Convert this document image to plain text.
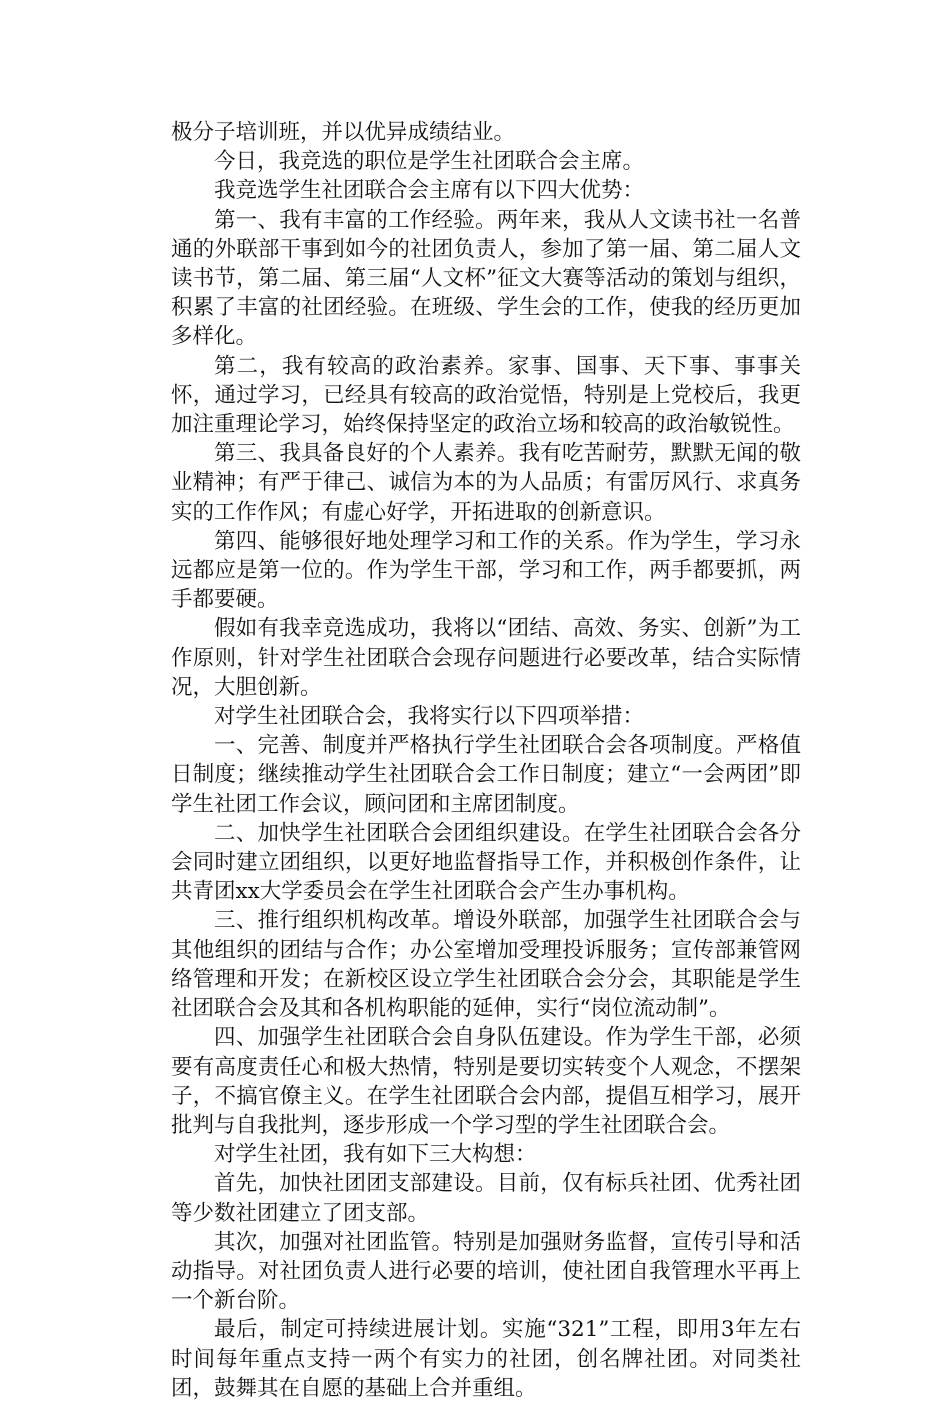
极分子培训班，并以优异成绩结业。

今日，我竞选的职位是学生社团联合会主席。

我竞选学生社团联合会主席有以下四大优势：

第一、我有丰富的工作经验。两年来，我从人文读书社一名普通的外联部干事到如今的社团负责人，参加了第一届、第二届人文读书节，第二届、第三届“人文杯”征文大赛等活动的策划与组织，积累了丰富的社团经验。在班级、学生会的工作，使我的经历更加多样化。

第二，我有较高的政治素养。家事、国事、天下事、事事关怀，通过学习，已经具有较高的政治觉悟，特别是上党校后，我更加注重理论学习，始终保持坚定的政治立场和较高的政治敏锐性。

第三、我具备良好的个人素养。我有吃苦耐劳，默默无闻的敬业精神；有严于律己、诚信为本的为人品质；有雷厉风行、求真务实的工作作风；有虚心好学，开拓进取的创新意识。

第四、能够很好地处理学习和工作的关系。作为学生，学习永远都应是第一位的。作为学生干部，学习和工作，两手都要抓，两手都要硬。

假如有我幸竞选成功，我将以“团结、高效、务实、创新”为工作原则，针对学生社团联合会现存问题进行必要改革，结合实际情况，大胆创新。

对学生社团联合会，我将实行以下四项举措：

一、完善、制度并严格执行学生社团联合会各项制度。严格值日制度；继续推动学生社团联合会工作日制度；建立“一会两团”即学生社团工作会议，顾问团和主席团制度。

二、加快学生社团联合会团组织建设。在学生社团联合会各分会同时建立团组织，以更好地监督指导工作，并积极创作条件，让共青团xx大学委员会在学生社团联合会产生办事机构。

三、推行组织机构改革。增设外联部，加强学生社团联合会与其他组织的团结与合作；办公室增加受理投诉服务；宣传部兼管网络管理和开发；在新校区设立学生社团联合会分会，其职能是学生社团联合会及其和各机构职能的延伸，实行“岗位流动制”。

四、加强学生社团联合会自身队伍建设。作为学生干部，必须要有高度责任心和极大热情，特别是要切实转变个人观念，不摆架子，不搞官僚主义。在学生社团联合会内部，提倡互相学习，展开批判与自我批判，逐步形成一个学习型的学生社团联合会。

对学生社团，我有如下三大构想：

首先，加快社团团支部建设。目前，仅有标兵社团、优秀社团等少数社团建立了团支部。

其次，加强对社团监管。特别是加强财务监督，宣传引导和活动指导。对社团负责人进行必要的培训，使社团自我管理水平再上一个新台阶。

最后，制定可持续进展计划。实施“321”工程，即用3年左右时间每年重点支持一两个有实力的社团，创名牌社团。对同类社团，鼓舞其在自愿的基础上合并重组。
